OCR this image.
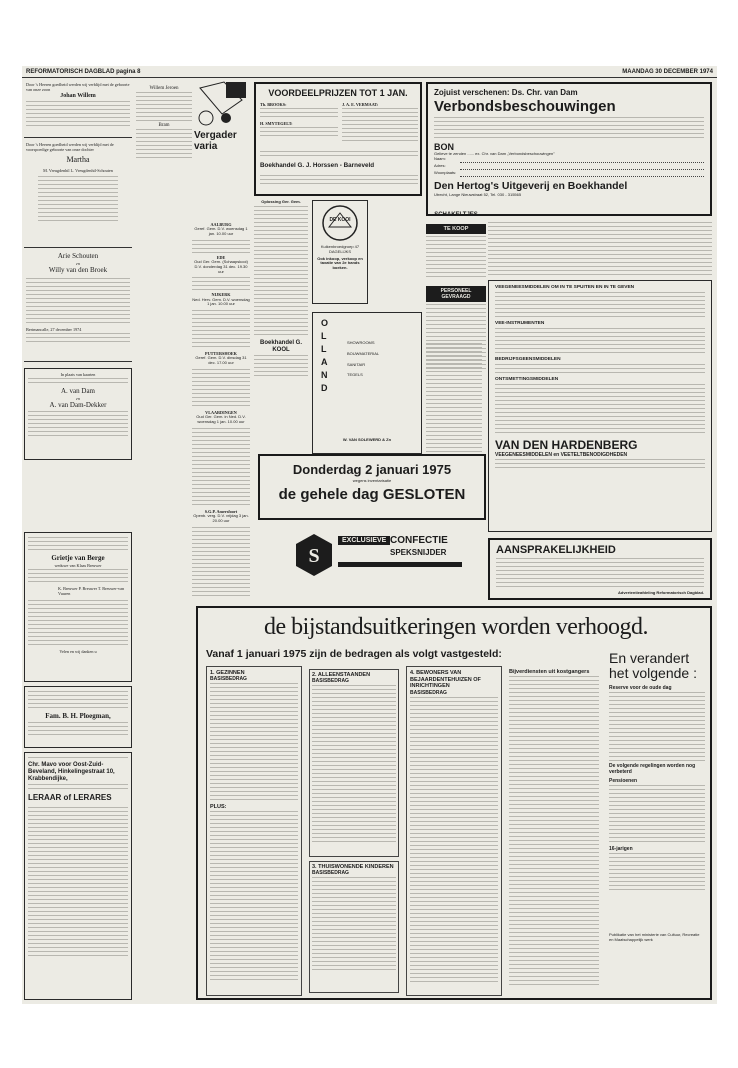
REFORMATORISCH DAGBLAD pagina 8	MAANDAG 30 DECEMBER 1974
Door 's Heeren goedheid werden wij verblijd met de geboorte van onze zoon
Johan Willem
Door 's Heeren goedheid werden wij verblijd met de voorspoedige geboorte van onze dochter
Martha
M. Vreugdenhil L. Vreugdenhil-Schouten
Arie Schouten
en
Willy van den Broek
Bertmancalle, 27 december 1974
In plaats van kaarten
A. van Dam
en
A. van Dam-Dekker
Grietje van Berge
weduwe van Klaas Breuwer
K. Breuwer P. Breuwer T. Breuwer-van Vuuren
Velen en wij danken u
Fam. B. H. Ploegman,
Chr. Mavo voor Oost-Zuid-Beveland, Hinkelingestraat 10, Krabbendijke,
LERAAR of LERARES
Willem Jeroen
Bram
Vergader varia
AALBURG
Geref. Gem. D.V. woensdag 1 jan. 10.00 uur
EDE
Oud Ger. Gem. (Schaapskooi) D.V. donderdag 31 dec. 19.30 uur
NIJKERK
Ned. Herv. Gem. D.V. woensdag 1 jan. 10.00 uur
PUTTERSHOEK
Geref. Gem. D.V. dinsdag 31 dec. 17.00 uur
VLAARDINGEN
Oud Ger. Gem. in Ned. D.V. woensdag 1 jan. 10.00 uur
S.G.P. Amersfoort
Openb. verg. D.V. vrijdag 3 jan. 20.00 uur
VOORDEELPRIJZEN TOT 1 JAN.
Th. BROOKS:
H. SMYTEGELT:
J. A. E. VERMAAT:
Boekhandel G. J. Horssen - Barneveld
Oplossing Ger. Gem.
Boekhandel G. KOOL
DE KOOI
Kuikenbroedgroep 47 DAGELIJKS
Ook inkoop, verkoop en taxatie van 2e hands boeken.
OLLAND
SHOWROOMS
BOUWMATERIAL
SANITAIR
TEGELS
W. VAN SOLEWERD & Zn
SCHAKELTJES
TE KOOP
PERSONEEL GEVRAAGD
Donderdag 2 januari 1975
wegens inventarisatie
de gehele dag GESLOTEN
S
EXCLUSIEVE CONFECTIE
SPEKSNIJDER
Zojuist verschenen: Ds. Chr. van Dam
Verbondsbeschouwingen
BON
Gelieve te zenden ...... ex. Chr. van Dam „Verbondsbeschouwingen"
Naam:
Adres:
Woonplaats:
Den Hertog's Uitgeverij en Boekhandel
Utrecht, Lange Nieuwstraat 52, Tel. 030 - 315565
VEEGENEESMIDDELEN OM IN TE SPUITEN EN IN TE GEVEN
VEE-INSTRUMENTEN
BEDRIJFSGEENSMIDDELEN
ONTSMETTINGSMIDDELEN
VAN DEN HARDENBERG
VEEGENEESMIDDELEN en VEETELTBENODIGDHEDEN
AANSPRAKELIJKHEID
Advertentieafdeling Reformatorisch Dagblad.
de bijstandsuitkeringen worden verhoogd.
Vanaf 1 januari 1975 zijn de bedragen als volgt vastgesteld:
1. GEZINNEN
BASISBEDRAG
PLUS:
2. ALLEENSTAANDEN
BASISBEDRAG
3. THUISWONENDE KINDEREN
BASISBEDRAG
4. BEWONERS VAN BEJAARDENTEHUIZEN OF INRICHTINGEN
BASISBEDRAG
Bijverdiensten uit kostgangers
En verandert het volgende :
Reserve voor de oude dag
De volgende regelingen worden nog verbeterd
Pensioenen
16-jarigen
Publikatie van het ministerie van Cultuur, Recreatie en Maatschappelijk werk
